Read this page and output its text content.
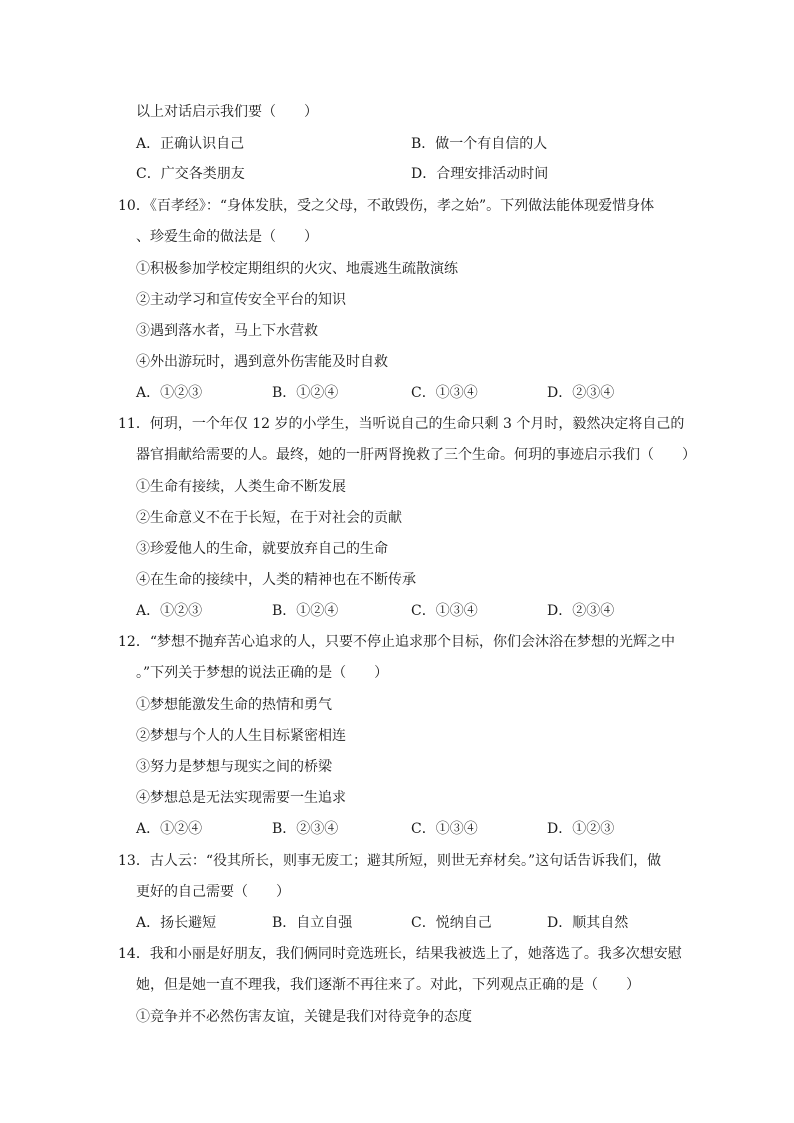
以上对话启示我们要（　　）
A．正确认识自己	B．做一个有自信的人
C．广交各类朋友	D．合理安排活动时间
10．《百孝经》：“身体发肤，受之父母，不敢毁伤，孝之始”。下列做法能体现爱惜身体
、珍爱生命的做法是（　　）
①积极参加学校定期组织的火灾、地震逃生疏散演练
②主动学习和宣传安全平台的知识
③遇到落水者，马上下水营救
④外出游玩时，遇到意外伤害能及时自救
A．①②③	B．①②④	C．①③④	D．②③④
11．何玥，一个年仅 12 岁的小学生，当听说自己的生命只剩 3 个月时，毅然决定将自己的
器官捐献给需要的人。最终，她的一肝两肾挽救了三个生命。何玥的事迹启示我们（　　）
①生命有接续，人类生命不断发展
②生命意义不在于长短，在于对社会的贡献
③珍爱他人的生命，就要放弃自己的生命
④在生命的接续中，人类的精神也在不断传承
A．①②③	B．①②④	C．①③④	D．②③④
12．“梦想不抛弃苦心追求的人，只要不停止追求那个目标，你们会沐浴在梦想的光辉之中
。”下列关于梦想的说法正确的是（　　）
①梦想能激发生命的热情和勇气
②梦想与个人的人生目标紧密相连
③努力是梦想与现实之间的桥梁
④梦想总是无法实现需要一生追求
A．①②④	B．②③④	C．①③④	D．①②③
13．古人云：“役其所长，则事无废工；避其所短，则世无弃材矣。”这句话告诉我们，做
更好的自己需要（　　）
A．扬长避短	B．自立自强	C．悦纳自己	D．顺其自然
14．我和小丽是好朋友，我们俩同时竞选班长，结果我被选上了，她落选了。我多次想安慰
她，但是她一直不理我，我们逐渐不再往来了。对此，下列观点正确的是（　　）
①竞争并不必然伤害友谊，关键是我们对待竞争的态度
